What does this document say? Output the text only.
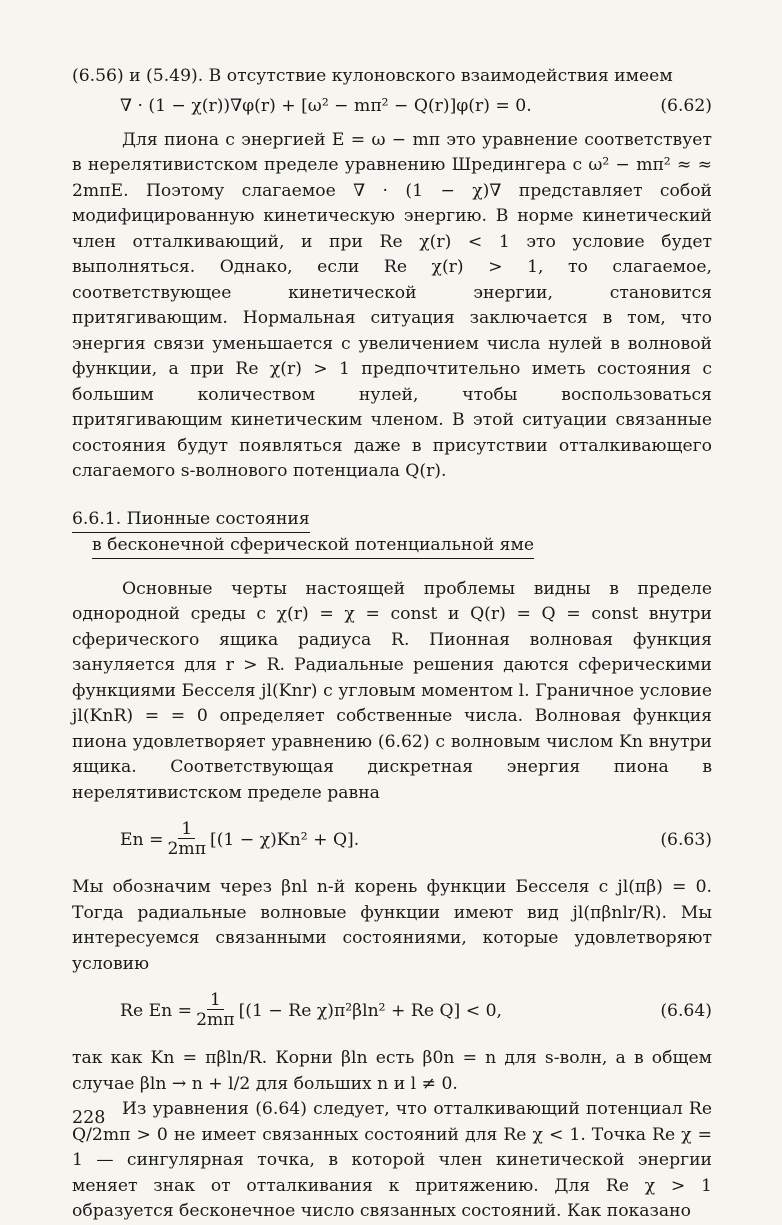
(6.56) и (5.49). В отсутствие кулоновского взаимодействия имеем

∇ · (1 − χ(r))∇φ(r) + [ω² − mπ² − Q(r)]φ(r) = 0.	(6.62)

Для пиона с энергией E = ω − mπ это уравнение соответствует в нерелятивистском пределе уравнению Шредингера с ω² − mπ² ≈ ≈ 2mπE. Поэтому слагаемое ∇ · (1 − χ)∇ представляет собой модифицированную кинетическую энергию. В норме кинетический член отталкивающий, и при Re χ(r) < 1 это условие будет выполняться. Однако, если Re χ(r) > 1, то слагаемое, соответствующее кинетической энергии, становится притягивающим. Нормальная ситуация заключается в том, что энергия связи уменьшается с увеличением числа нулей в волновой функции, а при Re χ(r) > 1 предпочтительно иметь состояния с большим количеством нулей, чтобы воспользоваться притягивающим кинетическим членом. В этой ситуации связанные состояния будут появляться даже в присутствии отталкивающего слагаемого s-волнового потенциала Q(r).

6.6.1. Пионные состояния
в бесконечной сферической потенциальной яме

Основные черты настоящей проблемы видны в пределе однородной среды с χ(r) = χ = const и Q(r) = Q = const внутри сферического ящика радиуса R. Пионная волновая функция зануляется для r > R. Радиальные решения даются сферическими функциями Бесселя jl(Knr) с угловым моментом l. Граничное условие jl(KnR) = = 0 определяет собственные числа. Волновая функция пиона удовлетворяет уравнению (6.62) с волновым числом Kn внутри ящика. Соответствующая дискретная энергия пиона в нерелятивистском пределе равна

$En = \frac{1}{2m\pi} [(1 - \chi)Kn^2 + Q]$.	(6.63)

Мы обозначим через βnl n-й корень функции Бесселя с jl(πβ) = 0. Тогда радиальные волновые функции имеют вид jl(πβnlr/R). Мы интересуемся связанными состояниями, которые удовлетворяют условию

Re $En = \frac{1}{2m\pi} [(1 - Re$ χ)π²βln² + Re Q] < 0,	(6.64)

так как Kn = πβln/R. Корни βln есть β0n = n для s-волн, а в общем случае βln → n + l/2 для больших n и l ≠ 0.

Из уравнения (6.64) следует, что отталкивающий потенциал Re Q/2mπ > 0 не имеет связанных состояний для Re χ < 1. Точка Re χ = 1 — сингулярная точка, в которой член кинетической энергии меняет знак от отталкивания к притяжению. Для Re χ > 1 образуется бесконечное число связанных состояний. Как показано

228
